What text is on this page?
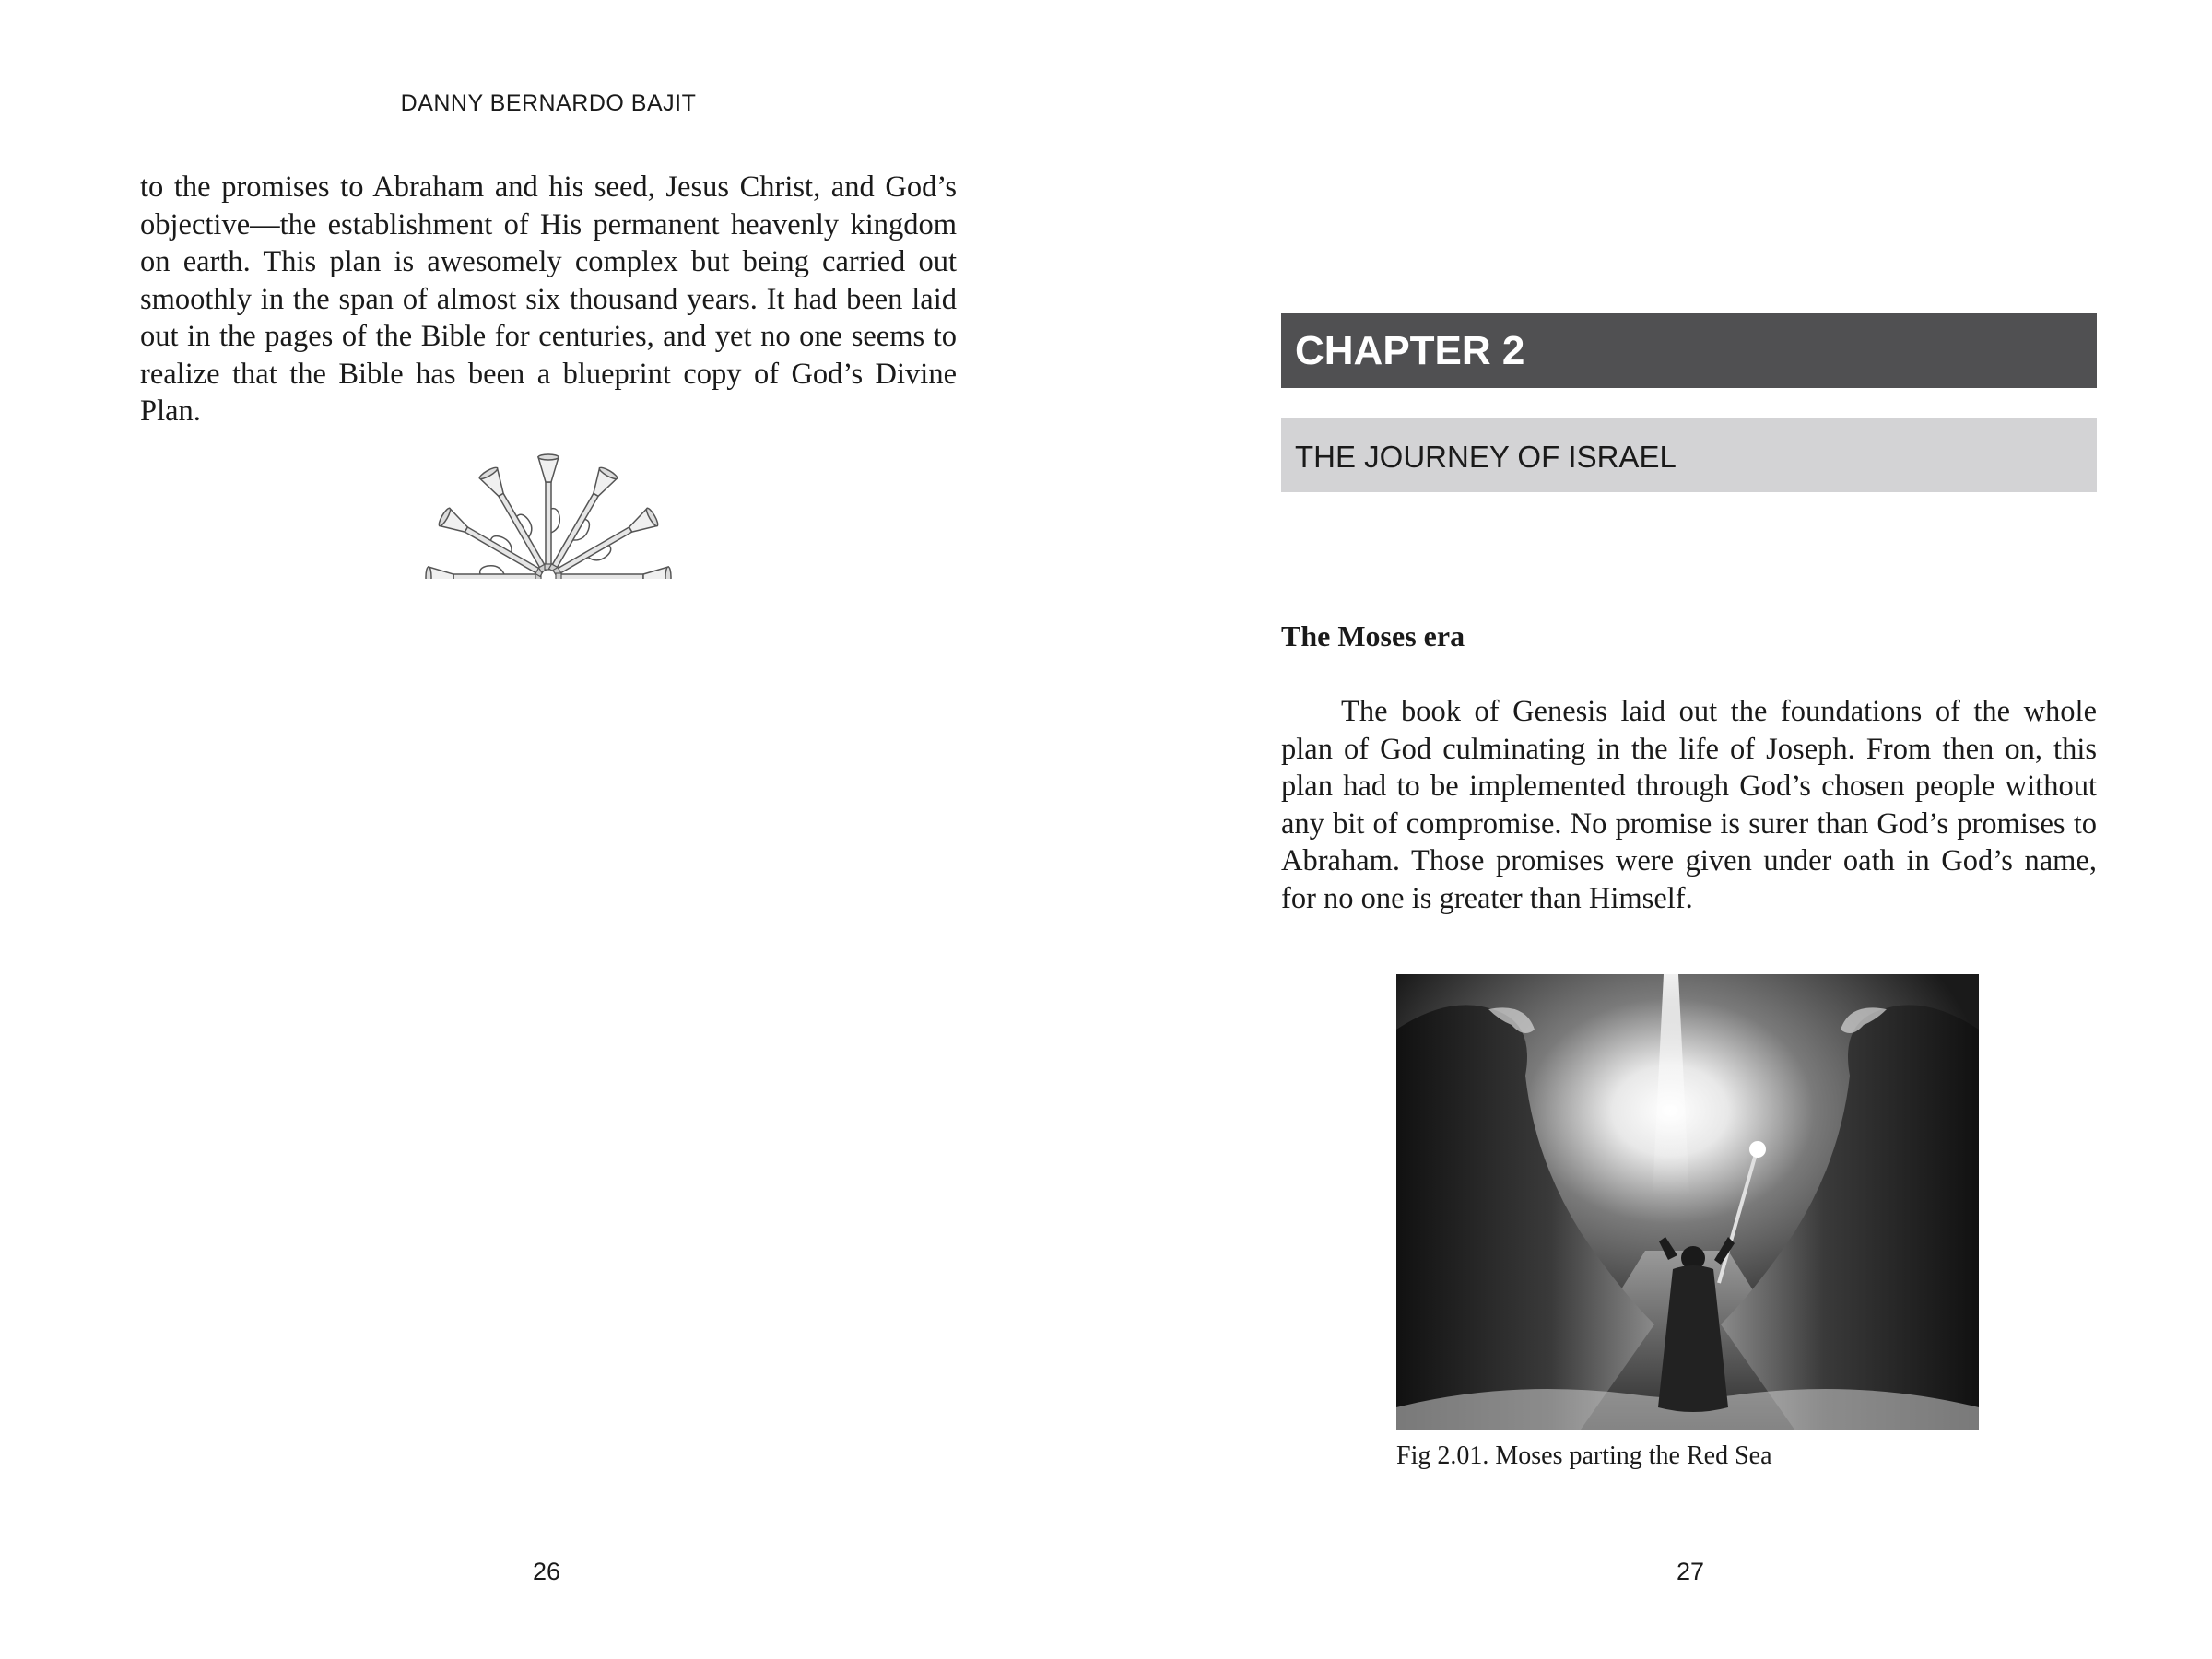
DANNY BERNARDO BAJIT

to the promises to Abraham and his seed, Jesus Christ, and God’s objective—the establishment of His permanent heavenly kingdom on earth. This plan is awesomely complex but being carried out smoothly in the span of almost six thousand years. It had been laid out in the pages of the Bible for centuries, and yet no one seems to realize that the Bible has been a blueprint copy of God’s Divine Plan.

26
CHAPTER 2
THE JOURNEY OF ISRAEL
The Moses era

The book of Genesis laid out the foundations of the whole plan of God culminating in the life of Joseph. From then on, this plan had to be implemented through God’s chosen people without any bit of compromise. No promise is surer than God’s promises to Abraham. Those promises were given under oath in God’s name, for no one is greater than Himself.

Fig 2.01. Moses parting the Red Sea
27
